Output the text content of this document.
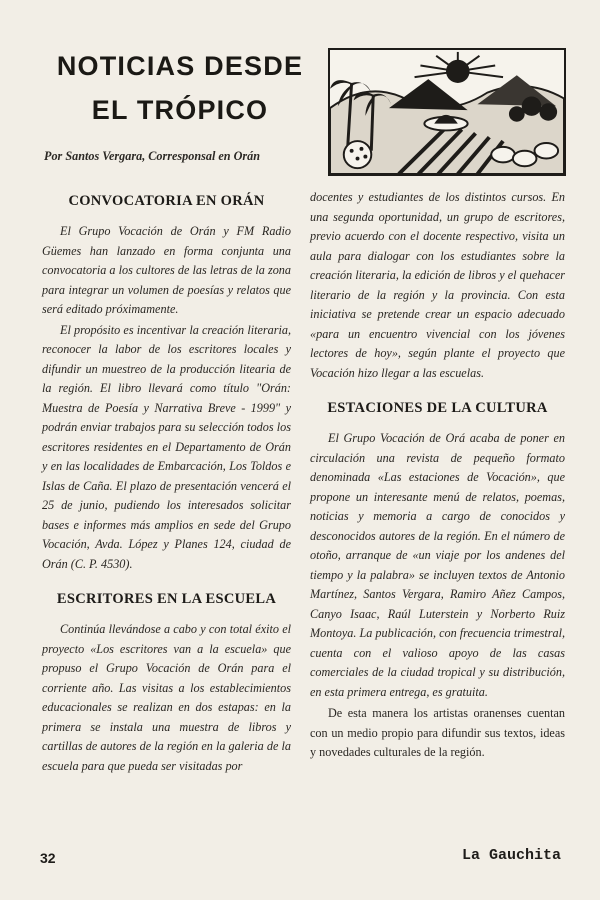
NOTICIAS DESDE
EL TRÓPICO
Por Santos Vergara, Corresponsal en Orán
CONVOCATORIA EN ORÁN

El Grupo Vocación de Orán y FM Radio Güemes han lanzado en forma conjunta una convocatoria a los cultores de las letras de la zona para integrar un volumen de poesías y relatos que será editado próximamente.

El propósito es incentivar la creación literaria, reconocer la labor de los escritores locales y difundir un muestreo de la producción litearia de la región. El libro llevará como título "Orán: Muestra de Poesía y Narrativa Breve - 1999" y podrán enviar trabajos para su selección todos los escritores residentes en el Departamento de Orán y en las localidades de Embarcación, Los Toldos e Islas de Caña. El plazo de presentación vencerá el 25 de junio, pudiendo los interesados solicitar bases e informes más amplios en sede del Grupo Vocación, Avda. López y Planes 124, ciudad de Orán (C. P. 4530).

ESCRITORES EN LA ESCUELA

Continúa llevándose a cabo y con total éxito el proyecto «Los escritores van a la escuela» que propuso el Grupo Vocación de Orán para el corriente año. Las visitas a los establecimientos educacionales se realizan en dos estapas: en la primera se instala una muestra de libros y cartillas de autores de la región en la galeria de la escuela para que pueda ser visitadas por

docentes y estudiantes de los distintos cursos. En una segunda oportunidad, un grupo de escritores, previo acuerdo con el docente respectivo, visita un aula para dialogar con los estudiantes sobre la creación literaria, la edición de libros y el quehacer literario de la región y la provincia. Con esta iniciativa se pretende crear un espacio adecuado «para un encuentro vivencial con los jóvenes lectores de hoy», según plante el proyecto que Vocación hizo llegar a las escuelas.

ESTACIONES DE LA CULTURA

El Grupo Vocación de Orá acaba de poner en circulación una revista de pequeño formato denominada «Las estaciones de Vocación», que propone un interesante menú de relatos, poemas, noticias y memoria a cargo de conocidos y desconocidos autores de la región. En el número de otoño, arranque de «un viaje por los andenes del tiempo y la palabra» se incluyen textos de Antonio Martínez, Santos Vergara, Ramiro Añez Campos, Canyo Isaac, Raúl Luterstein y Norberto Ruiz Montoya. La publicación, con frecuencia trimestral, cuenta con el valioso apoyo de las casas comerciales de la ciudad tropical y su distribución, en esta primera entrega, es gratuita.

De esta manera los artistas oranenses cuentan con un medio propio para difundir sus textos, ideas y novedades culturales de la región.

32	La Gauchita
